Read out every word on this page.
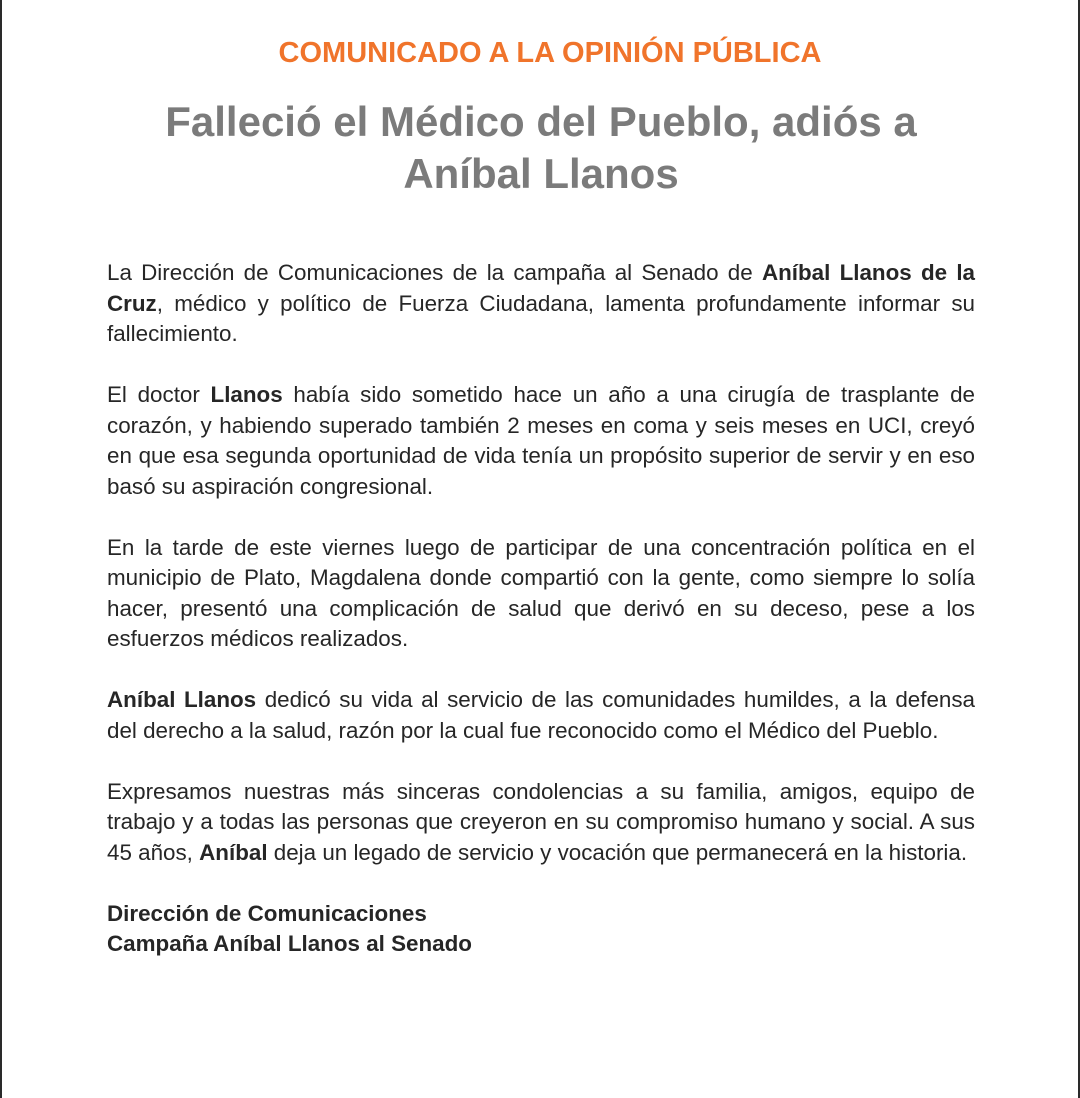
COMUNICADO A LA OPINIÓN PÚBLICA
Falleció el Médico del Pueblo, adiós a
Aníbal Llanos

La Dirección de Comunicaciones de la campaña al Senado de Aníbal Llanos de la Cruz, médico y político de Fuerza Ciudadana, lamenta profundamente informar su fallecimiento.

El doctor Llanos había sido sometido hace un año a una cirugía de trasplante de corazón, y habiendo superado también 2 meses en coma y seis meses en UCI, creyó en que esa segunda oportunidad de vida tenía un propósito superior de servir y en eso basó su aspiración congresional.

En la tarde de este viernes luego de participar de una concentración política en el municipio de Plato, Magdalena donde compartió con la gente, como siempre lo solía hacer, presentó una complicación de salud que derivó en su deceso, pese a los esfuerzos médicos realizados.

Aníbal Llanos dedicó su vida al servicio de las comunidades humildes, a la defensa del derecho a la salud, razón por la cual fue reconocido como el Médico del Pueblo.

Expresamos nuestras más sinceras condolencias a su familia, amigos, equipo de trabajo y a todas las personas que creyeron en su compromiso humano y social. A sus 45 años, Aníbal deja un legado de servicio y vocación que permanecerá en la historia.

Dirección de Comunicaciones
Campaña Aníbal Llanos al Senado
